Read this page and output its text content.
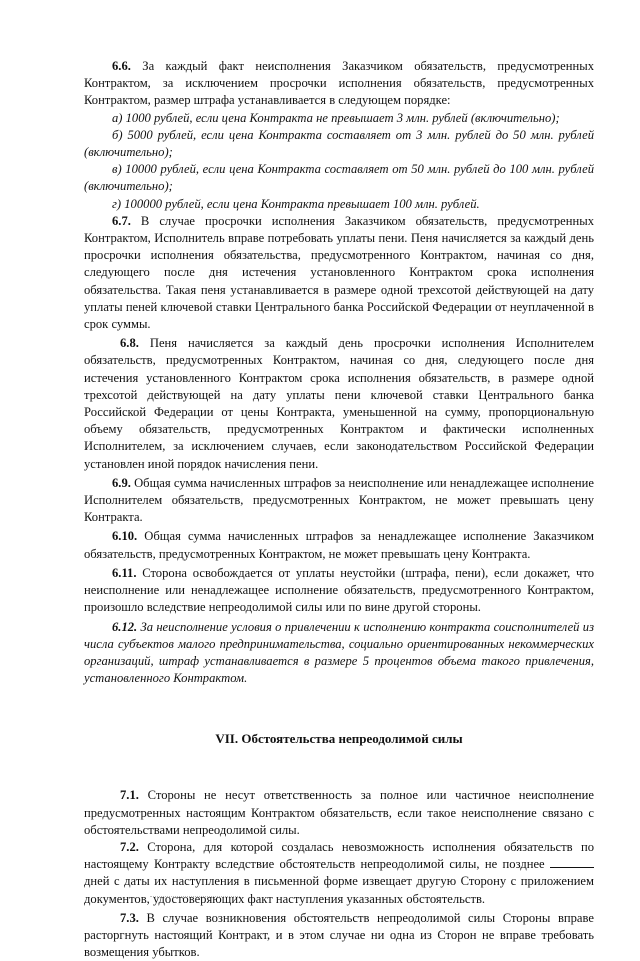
6.6. За каждый факт неисполнения Заказчиком обязательств, предусмотренных Контрактом, за исключением просрочки исполнения обязательств, предусмотренных Контрактом, размер штрафа устанавливается в следующем порядке:

а) 1000 рублей, если цена Контракта не превышает 3 млн. рублей (включительно);

б) 5000 рублей, если цена Контракта составляет от 3 млн. рублей до 50 млн. рублей (включительно);

в) 10000 рублей, если цена Контракта составляет от 50 млн. рублей до 100 млн. рублей (включительно);

г) 100000 рублей, если цена Контракта превышает 100 млн. рублей.

6.7. В случае просрочки исполнения Заказчиком обязательств, предусмотренных Контрактом, Исполнитель вправе потребовать уплаты пени. Пеня начисляется за каждый день просрочки исполнения обязательства, предусмотренного Контрактом, начиная со дня, следующего после дня истечения установленного Контрактом срока исполнения обязательства. Такая пеня устанавливается в размере одной трехсотой действующей на дату уплаты пеней ключевой ставки Центрального банка Российской Федерации от неуплаченной в срок суммы.

6.8. Пеня начисляется за каждый день просрочки исполнения Исполнителем обязательств, предусмотренных Контрактом, начиная со дня, следующего после дня истечения установленного Контрактом срока исполнения обязательств, в размере одной трехсотой действующей на дату уплаты пени ключевой ставки Центрального банка Российской Федерации от цены Контракта, уменьшенной на сумму, пропорциональную объему обязательств, предусмотренных Контрактом и фактически исполненных Исполнителем, за исключением случаев, если законодательством Российской Федерации установлен иной порядок начисления пени.

6.9. Общая сумма начисленных штрафов за неисполнение или ненадлежащее исполнение Исполнителем обязательств, предусмотренных Контрактом, не может превышать цену Контракта.

6.10. Общая сумма начисленных штрафов за ненадлежащее исполнение Заказчиком обязательств, предусмотренных Контрактом, не может превышать цену Контракта.

6.11. Сторона освобождается от уплаты неустойки (штрафа, пени), если докажет, что неисполнение или ненадлежащее исполнение обязательств, предусмотренного Контрактом, произошло вследствие непреодолимой силы или по вине другой стороны.

6.12. За неисполнение условия о привлечении к исполнению контракта соисполнителей из числа субъектов малого предпринимательства, социально ориентированных некоммерческих организаций, штраф устанавливается в размере 5 процентов объема такого привлечения, установленного Контрактом.

VII. Обстоятельства непреодолимой силы

7.1. Стороны не несут ответственность за полное или частичное неисполнение предусмотренных настоящим Контрактом обязательств, если такое неисполнение связано с обстоятельствами непреодолимой силы.

7.2. Сторона, для которой создалась невозможность исполнения обязательств по настоящему Контракту вследствие обстоятельств непреодолимой силы, не позднее  дней с даты их наступления в письменной форме извещает другую Сторону с приложением документов, удостоверяющих факт наступления указанных обстоятельств.

7.3. В случае возникновения обстоятельств непреодолимой силы Стороны вправе расторгнуть настоящий Контракт, и в этом случае ни одна из Сторон не вправе требовать возмещения убытков.
